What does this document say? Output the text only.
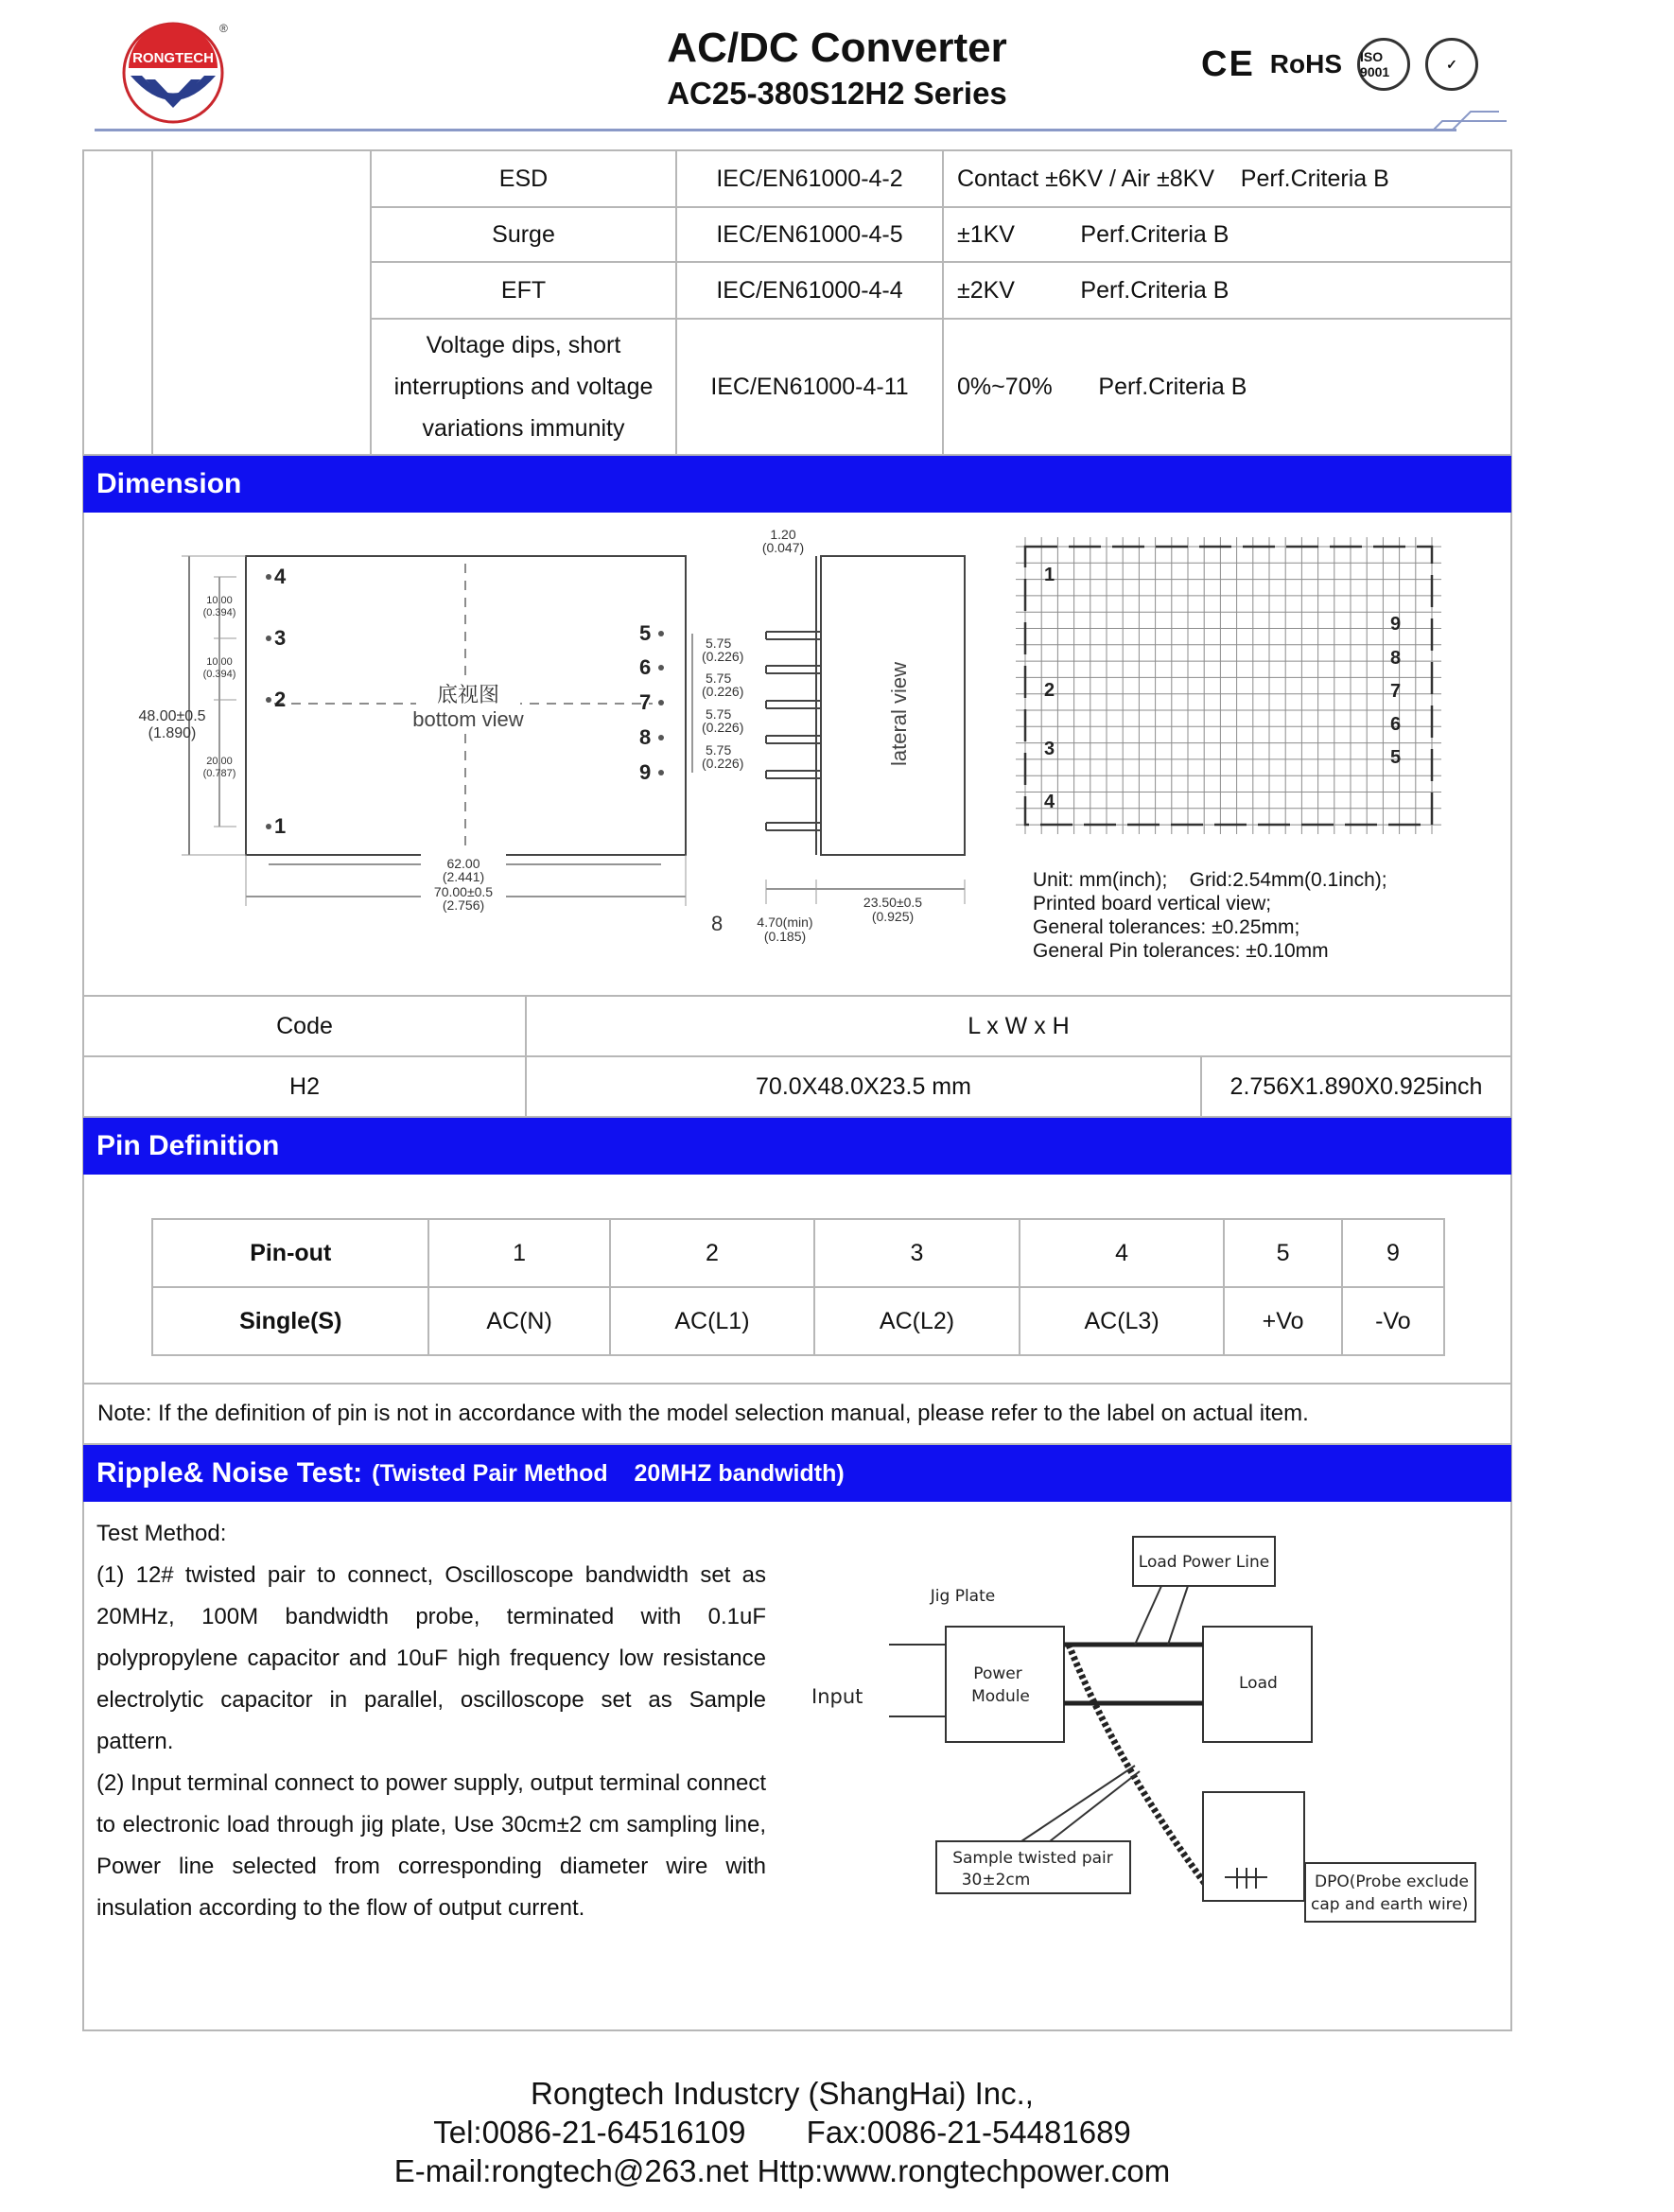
RONGTECH
®	AC/DC Converter
AC25-380S12H2 Series
CE RoHS ISO 9001
✓
ESD	IEC/EN61000-4-2	Contact ±6KV / Air ±8KV    Perf.Criteria B
Surge	IEC/EN61000-4-5	±1KV          Perf.Criteria B
EFT	IEC/EN61000-4-4	±2KV          Perf.Criteria B
Voltage dips, short
interruptions and voltage
variations immunity
IEC/EN61000-4-11	0%~70%       Perf.Criteria B
Dimension
底视图
bottom view
4
3
2
1
5
6
7
8
9
10.00
(0.394)
10.00
(0.394)
20.00
(0.787)
48.00±0.5
(1.890)
62.00
(2.441)
70.00±0.5
(2.756)
5.75
(0.226)
5.75
(0.226)
5.75
(0.226)
5.75
(0.226)	lateral view
1.20
(0.047)
4.70(min)
(0.185)
23.50±0.5
(0.925)
8
1
2
3
4
9
8
7
6
5
Unit: mm(inch);    Grid:2.54mm(0.1inch);
Printed board vertical view;
General tolerances: ±0.25mm;
General Pin tolerances: ±0.10mm
Code	L x W x H
H2	70.0X48.0X23.5 mm	2.756X1.890X0.925inch
Pin Definition
Pin-out	1	2	3	4	5	9
Single(S)	AC(N)	AC(L1)	AC(L2)	AC(L3)	+Vo	-Vo
Note: If the definition of pin is not in accordance with the model selection manual, please refer to the label on actual item.
Ripple& Noise Test: (Twisted Pair Method    20MHZ bandwidth)
Test Method:
(1) 12# twisted pair to connect, Oscilloscope bandwidth set as 20MHz, 100M bandwidth probe, terminated with 0.1uF polypropylene capacitor and 10uF high frequency low resistance electrolytic capacitor in parallel, oscilloscope set as Sample pattern.
(2) Input terminal connect to power supply, output terminal connect to electronic load through jig plate, Use 30cm±2 cm sampling line, Power line selected from corresponding diameter wire with insulation according to the flow of output current.
Load Power Line
Jig Plate
Power
Module
Load
Input
DPO(Probe exclude
cap and earth wire)
Sample twisted pair
30±2cm
Rongtech Industcry (ShangHai) Inc.,
Tel:0086-21-64516109       Fax:0086-21-54481689
E-mail:rongtech@263.net Http:www.rongtechpower.com
